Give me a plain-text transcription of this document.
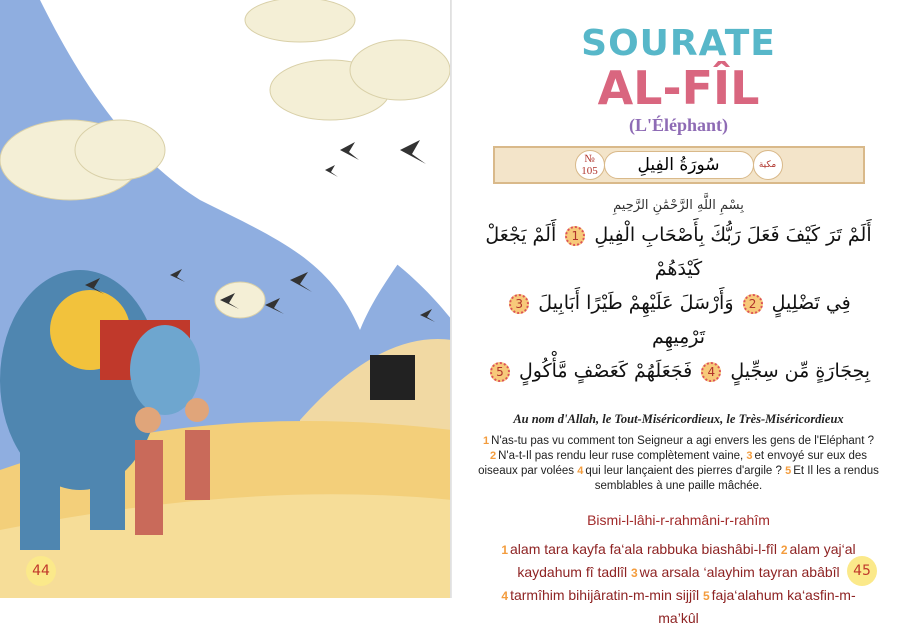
44
SOURATE
AL-FÎL
(L'Éléphant)
№
105	سُورَةُ الفِيلِ	مكية
بِسْمِ اللَّهِ الرَّحْمَٰنِ الرَّحِيمِ
أَلَمْ تَرَ كَيْفَ فَعَلَ رَبُّكَ بِأَصْحَابِ الْفِيلِ 1 أَلَمْ يَجْعَلْ كَيْدَهُمْ
فِي تَضْلِيلٍ 2 وَأَرْسَلَ عَلَيْهِمْ طَيْرًا أَبَابِيلَ 3 تَرْمِيهِم
بِحِجَارَةٍ مِّن سِجِّيلٍ 4 فَجَعَلَهُمْ كَعَصْفٍ مَّأْكُولٍ 5
Au nom d'Allah, le Tout-Miséricordieux, le Très-Miséricordieux
1 N'as-tu pas vu comment ton Seigneur a agi envers les gens de l'Eléphant ? 2 N'a-t-Il pas rendu leur ruse complètement vaine, 3 et envoyé sur eux des oiseaux par volées 4 qui leur lançaient des pierres d'argile ? 5 Et Il les a rendus semblables à une paille mâchée.
Bismi-l-lâhi-r-rahmâni-r-rahîm
1 alam tara kayfa fa‘ala rabbuka biashâbi-l-fîl 2 alam yaj‘al kaydahum fî tadlîl 3 wa arsala ‘alayhim tayran abâbîl 4 tarmîhim bihijâratin-m-min sijjîl 5 faja‘alahum ka‘asfin-m-ma’kûl
45
